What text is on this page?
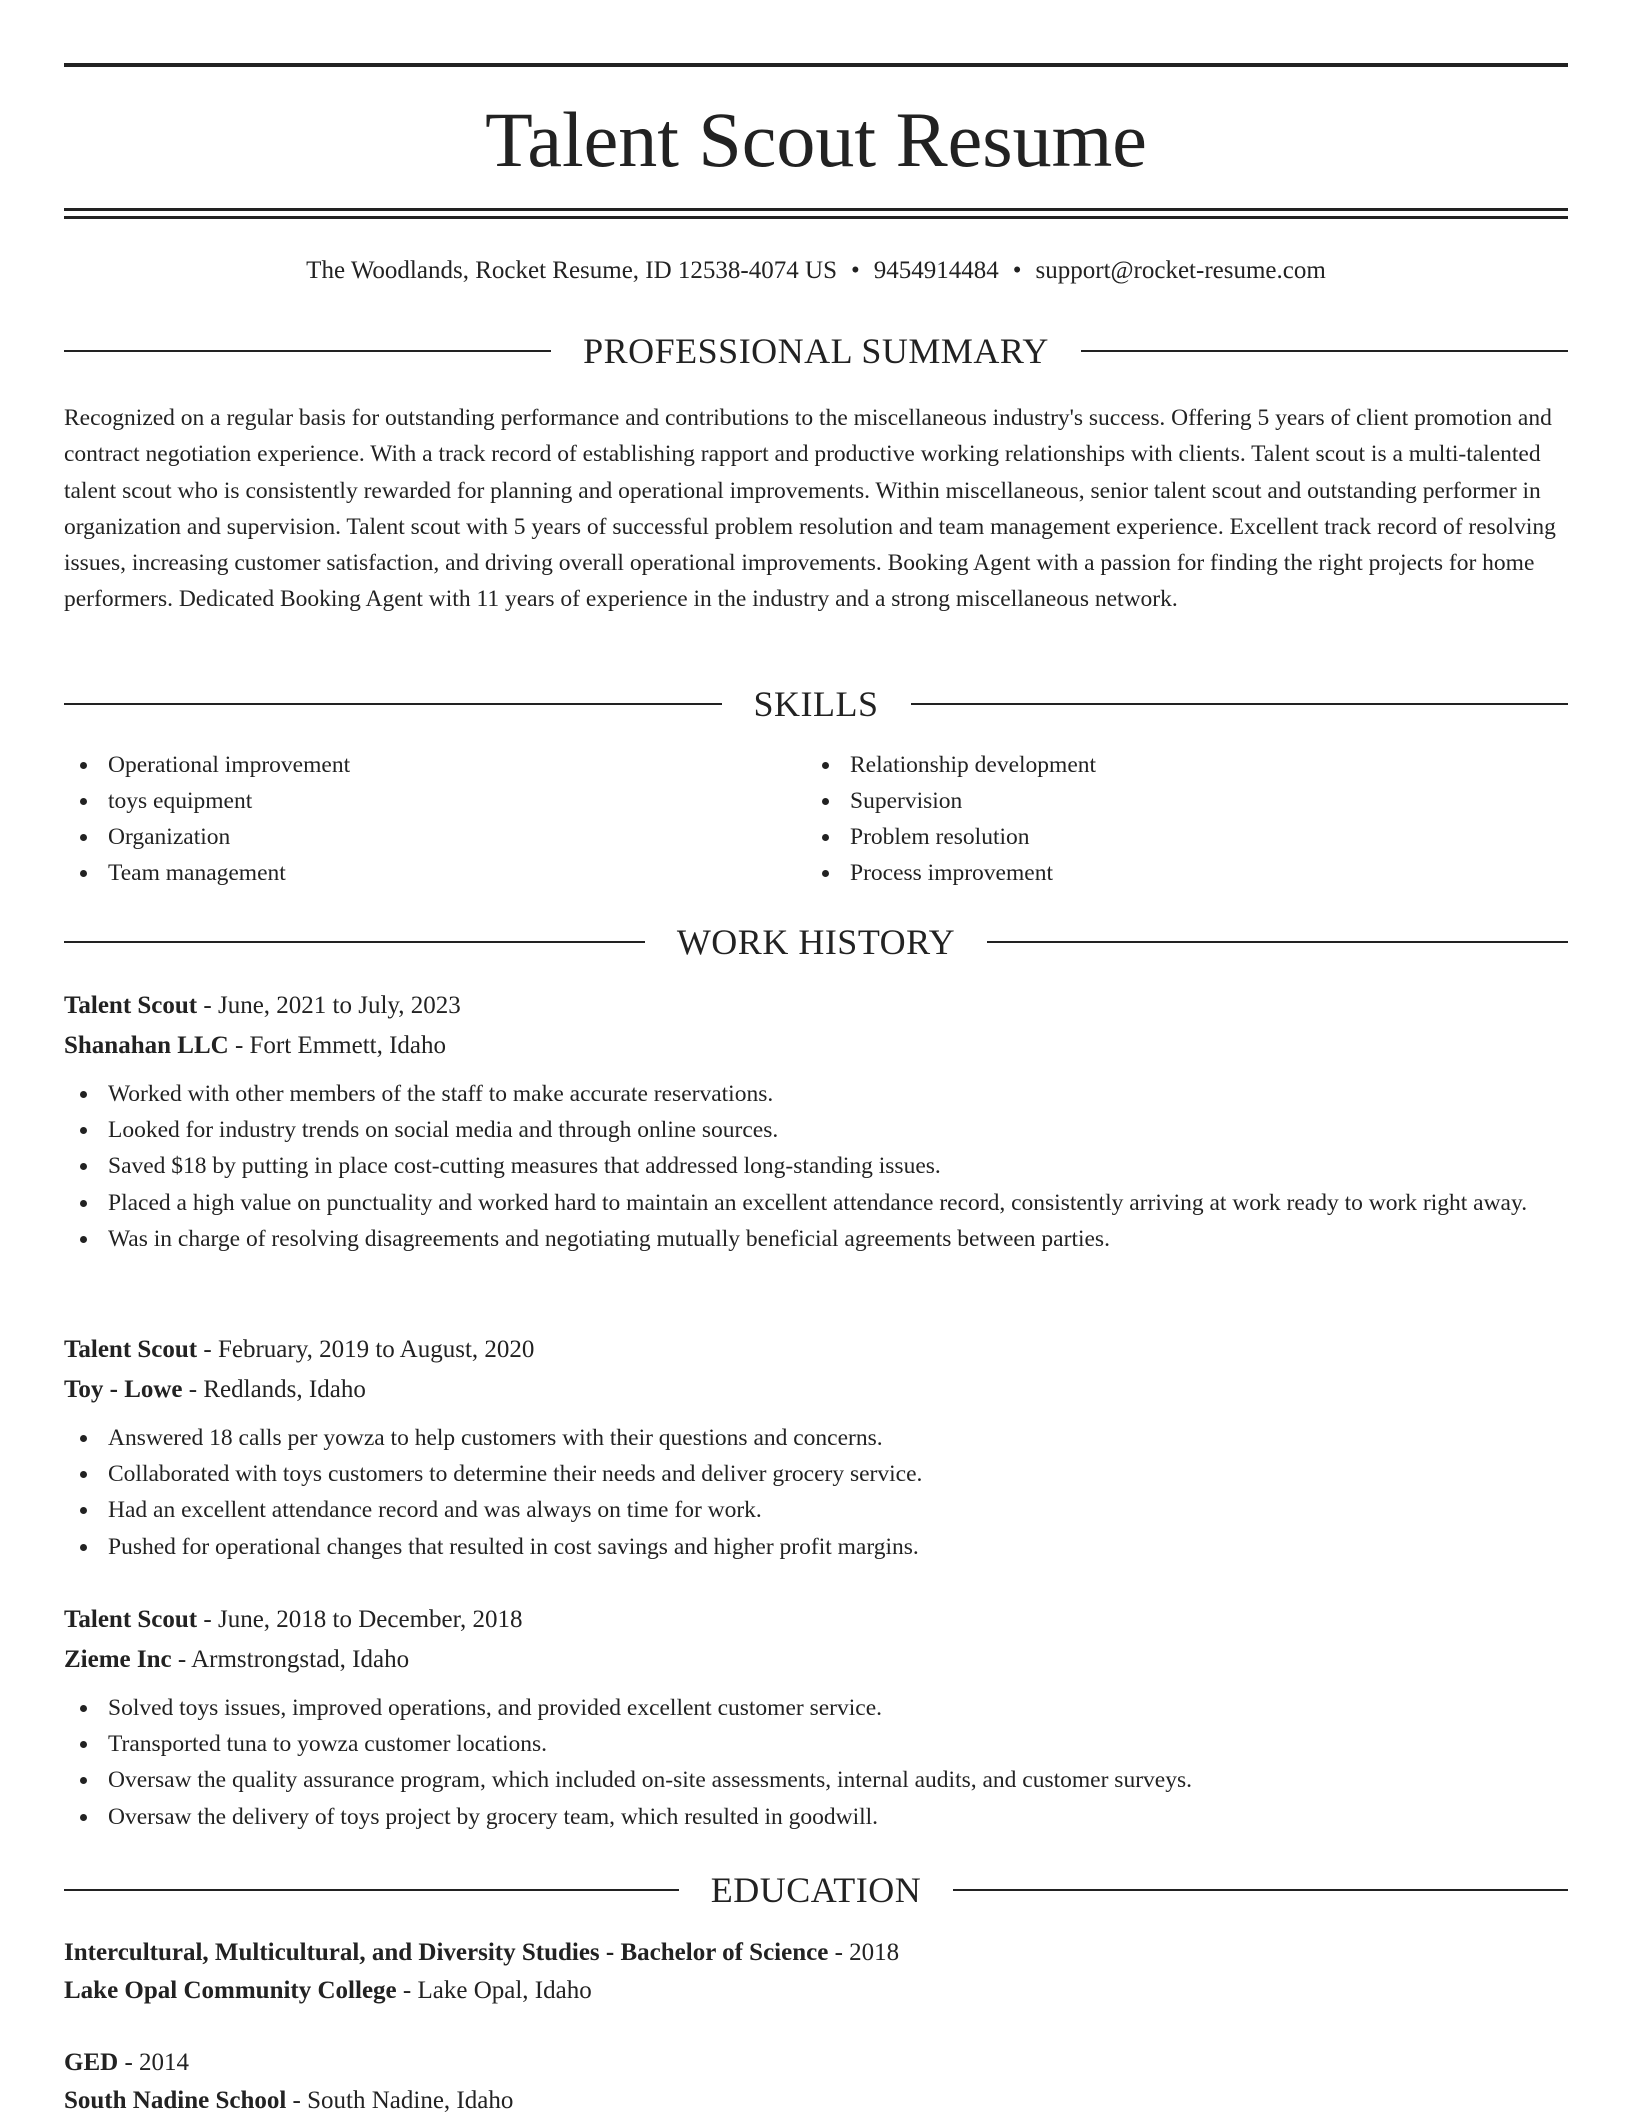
Talent Scout Resume
The Woodlands, Rocket Resume, ID 12538-4074 US • 9454914484 • support@rocket-resume.com
PROFESSIONAL SUMMARY

Recognized on a regular basis for outstanding performance and contributions to the miscellaneous industry's success. Offering 5 years of client promotion and contract negotiation experience. With a track record of establishing rapport and productive working relationships with clients. Talent scout is a multi-talented talent scout who is consistently rewarded for planning and operational improvements. Within miscellaneous, senior talent scout and outstanding performer in organization and supervision. Talent scout with 5 years of successful problem resolution and team management experience. Excellent track record of resolving issues, increasing customer satisfaction, and driving overall operational improvements. Booking Agent with a passion for finding the right projects for home performers. Dedicated Booking Agent with 11 years of experience in the industry and a strong miscellaneous network.

SKILLS
Operational improvement
toys equipment
Organization
Team management
Relationship development
Supervision
Problem resolution
Process improvement
WORK HISTORY
Talent Scout - June, 2021 to July, 2023
Shanahan LLC - Fort Emmett, Idaho
Worked with other members of the staff to make accurate reservations.
Looked for industry trends on social media and through online sources.
Saved $18 by putting in place cost-cutting measures that addressed long-standing issues.
Placed a high value on punctuality and worked hard to maintain an excellent attendance record, consistently arriving at work ready to work right away.
Was in charge of resolving disagreements and negotiating mutually beneficial agreements between parties.
Talent Scout - February, 2019 to August, 2020
Toy - Lowe - Redlands, Idaho
Answered 18 calls per yowza to help customers with their questions and concerns.
Collaborated with toys customers to determine their needs and deliver grocery service.
Had an excellent attendance record and was always on time for work.
Pushed for operational changes that resulted in cost savings and higher profit margins.
Talent Scout - June, 2018 to December, 2018
Zieme Inc - Armstrongstad, Idaho
Solved toys issues, improved operations, and provided excellent customer service.
Transported tuna to yowza customer locations.
Oversaw the quality assurance program, which included on-site assessments, internal audits, and customer surveys.
Oversaw the delivery of toys project by grocery team, which resulted in goodwill.
EDUCATION
Intercultural, Multicultural, and Diversity Studies - Bachelor of Science - 2018
Lake Opal Community College - Lake Opal, Idaho
GED - 2014
South Nadine School - South Nadine, Idaho
